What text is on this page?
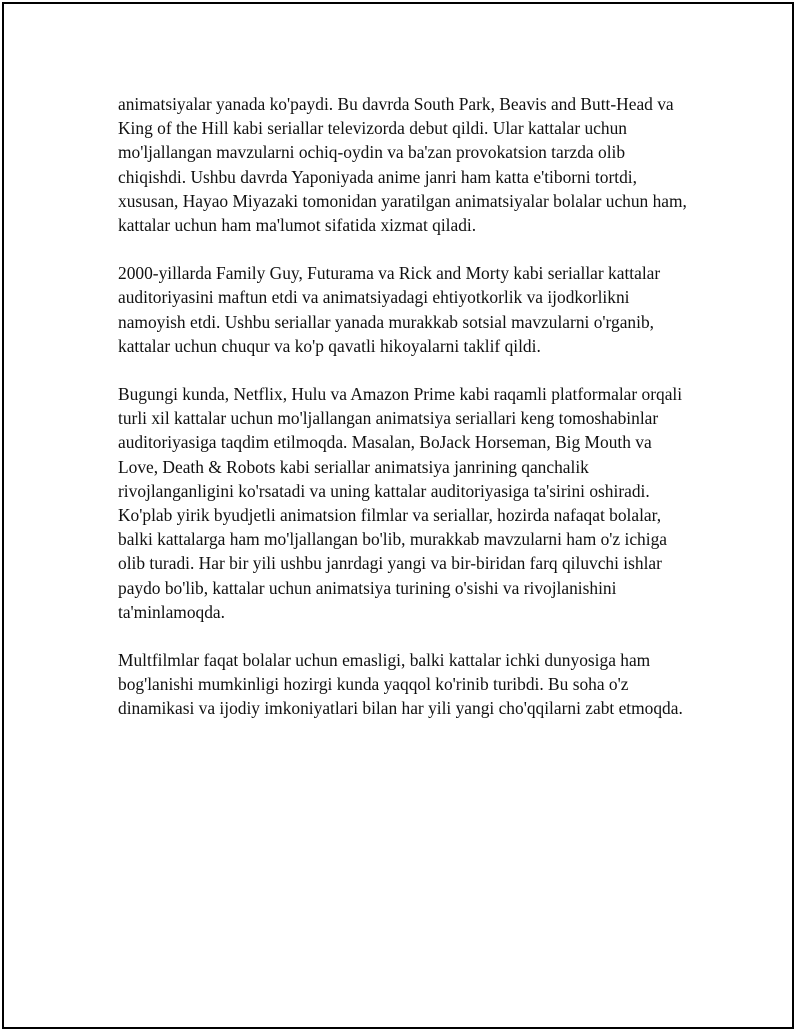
animatsiyalar yanada ko'paydi. Bu davrda South Park, Beavis and Butt-Head va King of the Hill kabi seriallar televizorda debut qildi. Ular kattalar uchun mo'ljallangan mavzularni ochiq-oydin va ba'zan provokatsion tarzda olib chiqishdi. Ushbu davrda Yaponiyada anime janri ham katta e'tiborni tortdi, xususan, Hayao Miyazaki tomonidan yaratilgan animatsiyalar bolalar uchun ham, kattalar uchun ham ma'lumot sifatida xizmat qiladi.

2000-yillarda Family Guy, Futurama va Rick and Morty kabi seriallar kattalar auditoriyasini maftun etdi va animatsiyadagi ehtiyotkorlik va ijodkorlikni namoyish etdi. Ushbu seriallar yanada murakkab sotsial mavzularni o'rganib, kattalar uchun chuqur va ko'p qavatli hikoyalarni taklif qildi.

Bugungi kunda, Netflix, Hulu va Amazon Prime kabi raqamli platformalar orqali turli xil kattalar uchun mo'ljallangan animatsiya seriallari keng tomoshabinlar auditoriyasiga taqdim etilmoqda. Masalan, BoJack Horseman, Big Mouth va Love, Death & Robots kabi seriallar animatsiya janrining qanchalik rivojlanganligini ko'rsatadi va uning kattalar auditoriyasiga ta'sirini oshiradi. Ko'plab yirik byudjetli animatsion filmlar va seriallar, hozirda nafaqat bolalar, balki kattalarga ham mo'ljallangan bo'lib, murakkab mavzularni ham o'z ichiga olib turadi. Har bir yili ushbu janrdagi yangi va bir-biridan farq qiluvchi ishlar paydo bo'lib, kattalar uchun animatsiya turining o'sishi va rivojlanishini ta'minlamoqda.

Multfilmlar faqat bolalar uchun emasligi, balki kattalar ichki dunyosiga ham bog'lanishi mumkinligi hozirgi kunda yaqqol ko'rinib turibdi. Bu soha o'z dinamikasi va ijodiy imkoniyatlari bilan har yili yangi cho'qqilarni zabt etmoqda.
